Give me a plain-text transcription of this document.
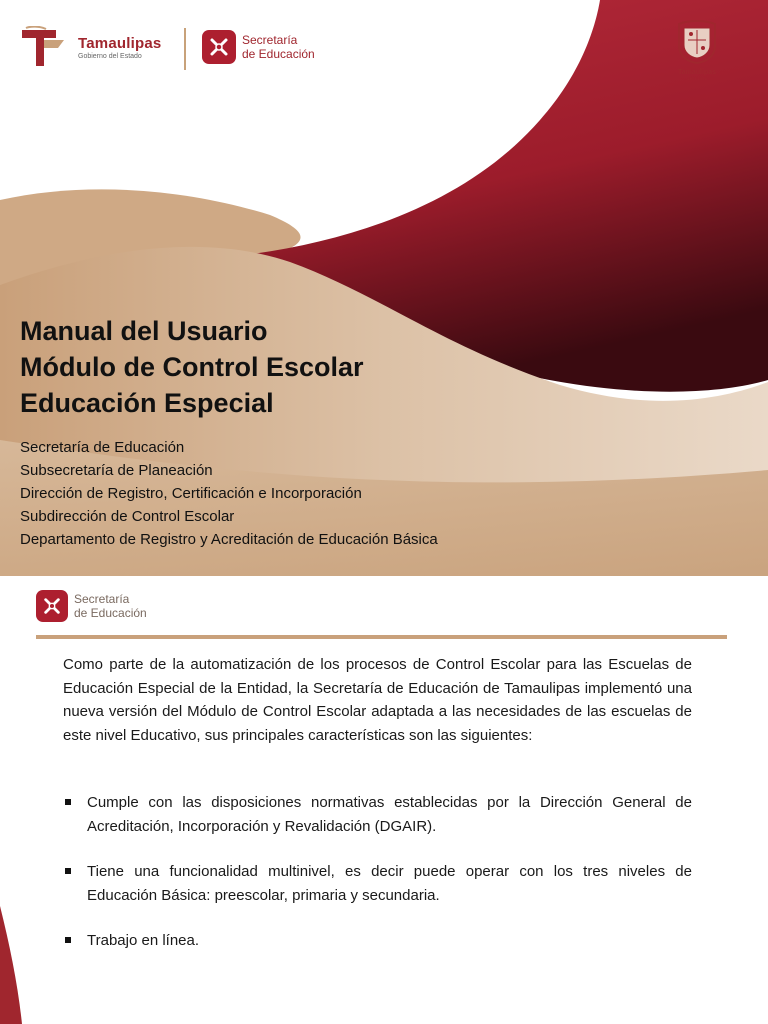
Tamaulipas
Gobierno del Estado
Secretaría
de Educación
Tamaulipas
1824-1924
Manual del Usuario
Módulo de Control Escolar
Educación Especial
Secretaría de Educación
Subsecretaría de Planeación
Dirección de Registro, Certificación e Incorporación
Subdirección de Control Escolar
Departamento de Registro y Acreditación de Educación Básica
Secretaría
de Educación
Como parte de la automatización de los procesos de Control Escolar para las Escuelas de Educación Especial de la Entidad, la Secretaría de Educación de Tamaulipas implementó una nueva versión del Módulo de Control Escolar adaptada a las necesidades de las escuelas de este nivel Educativo, sus principales características son las siguientes:
Cumple con las disposiciones normativas establecidas por la Dirección General de Acreditación, Incorporación y Revalidación (DGAIR).
Tiene una funcionalidad multinivel, es decir puede operar con los tres niveles de Educación Básica: preescolar, primaria y secundaria.
Trabajo en línea.
